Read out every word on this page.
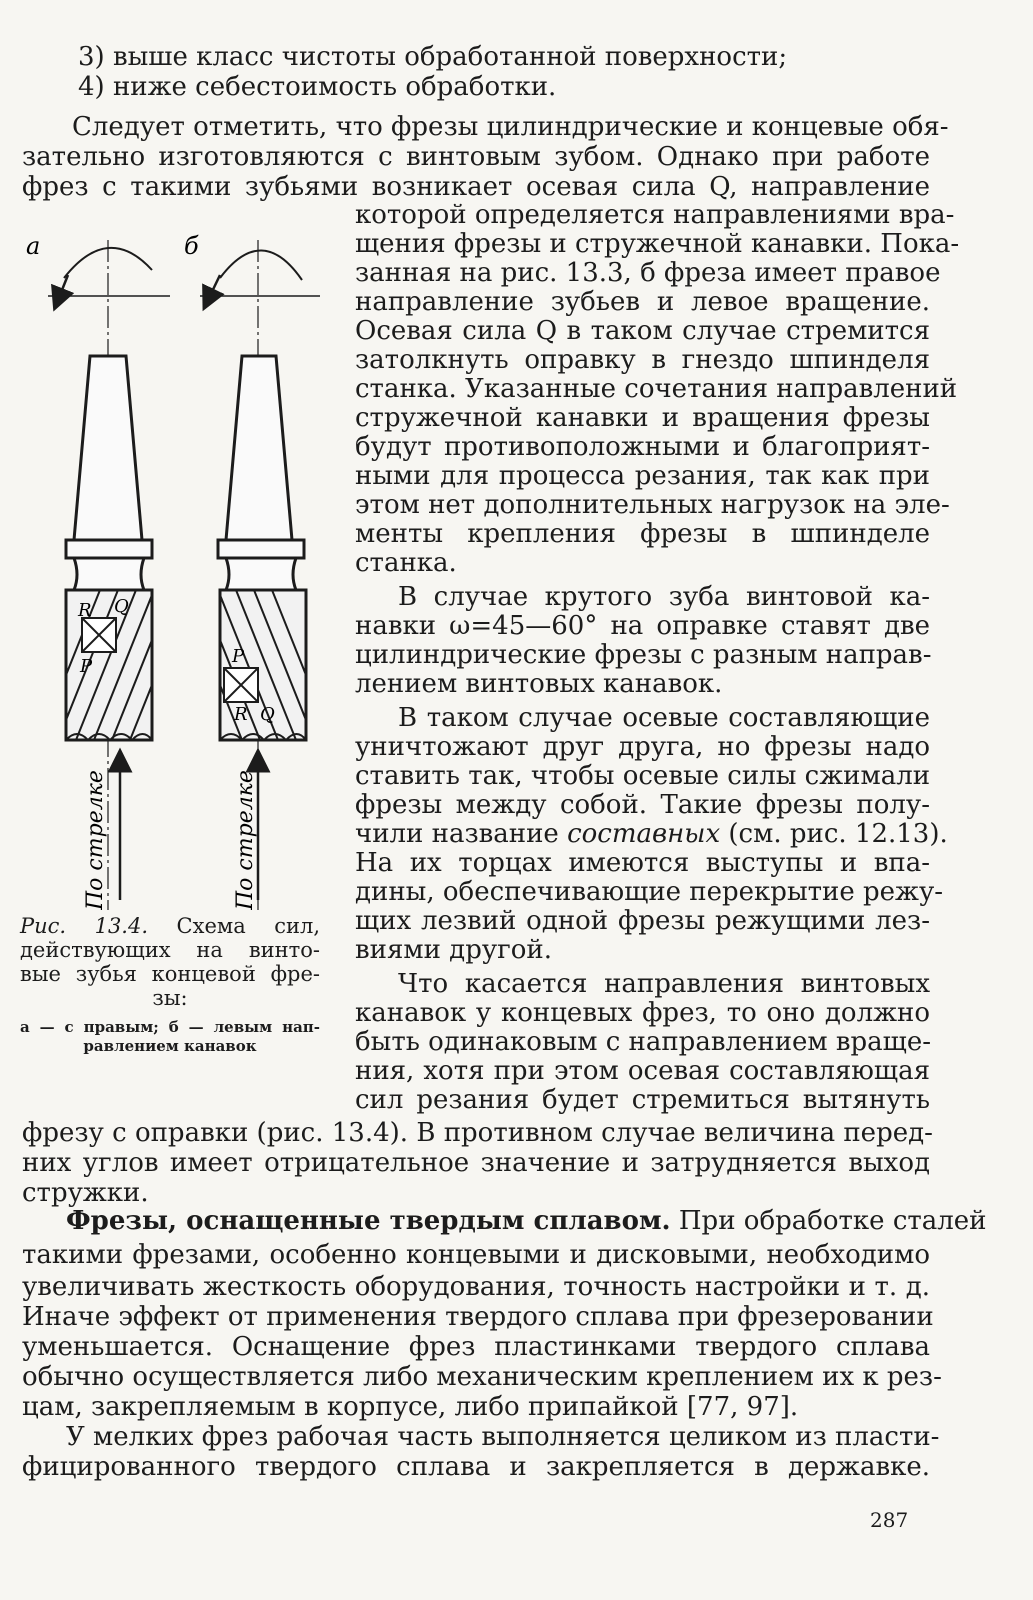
3) выше класс чистоты обработанной поверхности;
4) ниже себестоимость обработки.
Следует отметить, что фрезы цилиндрические и концевые обя-
зательно изготовляются с винтовым зубом. Однако при работе
фрез с такими зубьями возникает осевая сила Q, направление
которой определяется направлениями вра-
щения фрезы и стружечной канавки. Пока-
занная на рис. 13.3, б фреза имеет правое
направление зубьев и левое вращение.
Осевая сила Q в таком случае стремится
затолкнуть оправку в гнездо шпинделя
станка. Указанные сочетания направлений
стружечной канавки и вращения фрезы
будут противоположными и благоприят-
ными для процесса резания, так как при
этом нет дополнительных нагрузок на эле-
менты крепления фрезы в шпинделе
станка.
В случае крутого зуба винтовой ка-
навки ω=45—60° на оправке ставят две
цилиндрические фрезы с разным направ-
лением винтовых канавок.
В таком случае осевые составляющие
уничтожают друг друга, но фрезы надо
ставить так, чтобы осевые силы сжимали
фрезы между собой. Такие фрезы полу-
чили название составных (см. рис. 12.13).
На их торцах имеются выступы и впа-
дины, обеспечивающие перекрытие режу-
щих лезвий одной фрезы режущими лез-
виями другой.
Что касается направления винтовых
канавок у концевых фрез, то оно должно
быть одинаковым с направлением враще-
ния, хотя при этом осевая составляющая
сил резания будет стремиться вытянуть
фрезу с оправки (рис. 13.4). В противном случае величина перед-
них углов имеет отрицательное значение и затрудняется выход
стружки.
Фрезы, оснащенные твердым сплавом. При обработке сталей
такими фрезами, особенно концевыми и дисковыми, необходимо
увеличивать жесткость оборудования, точность настройки и т. д.
Иначе эффект от применения твердого сплава при фрезеровании
уменьшается. Оснащение фрез пластинками твердого сплава
обычно осуществляется либо механическим креплением их к рез-
цам, закрепляемым в корпусе, либо припайкой [77, 97].
У мелких фрез рабочая часть выполняется целиком из пласти-
фицированного твердого сплава и закрепляется в державке.
а
R Q
P
По стрелке
б
P
R Q
По стрелке
Рис. 13.4. Схема сил,
действующих на винто-
вые зубья концевой фре-
зы:
а — с правым; б — левым нап-
равлением канавок
287
